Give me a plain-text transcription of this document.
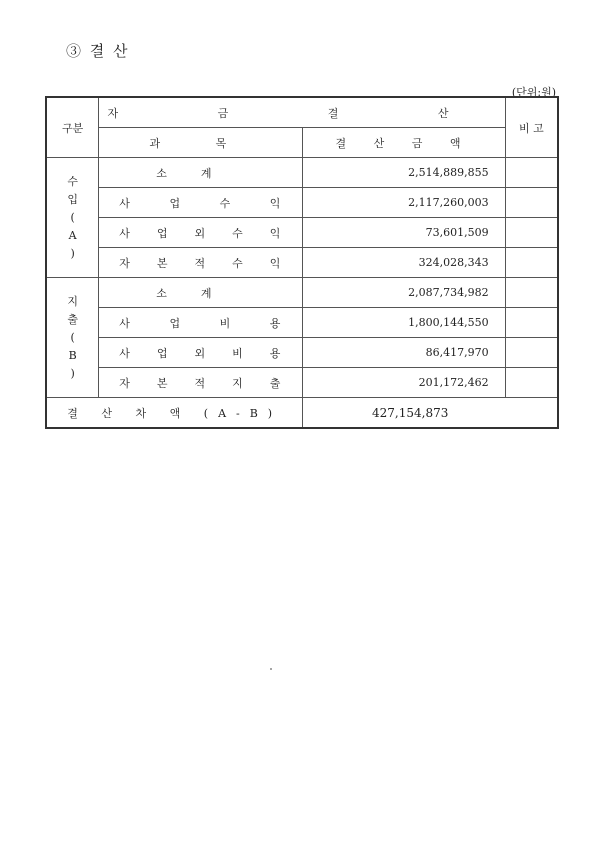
③ 결 산
(단위:원)
구분	자 금 결 산		비 고
	과 목	결 산 금 액	

수
입
(
A
)	소계	2,514,889,855	

	사 업 수 익	2,117,260,003	

	사 업 외 수 익	73,601,509	

	자 본 적 수 익	324,028,343	

지
출
(
B
)	소계	2,087,734,982	

	사 업 비 용	1,800,144,550	

	사 업 외 비 용	86,417,970	

	자 본 적 지 출	201,172,462	
결 산 차 액 (A-B)		427,154,873	
